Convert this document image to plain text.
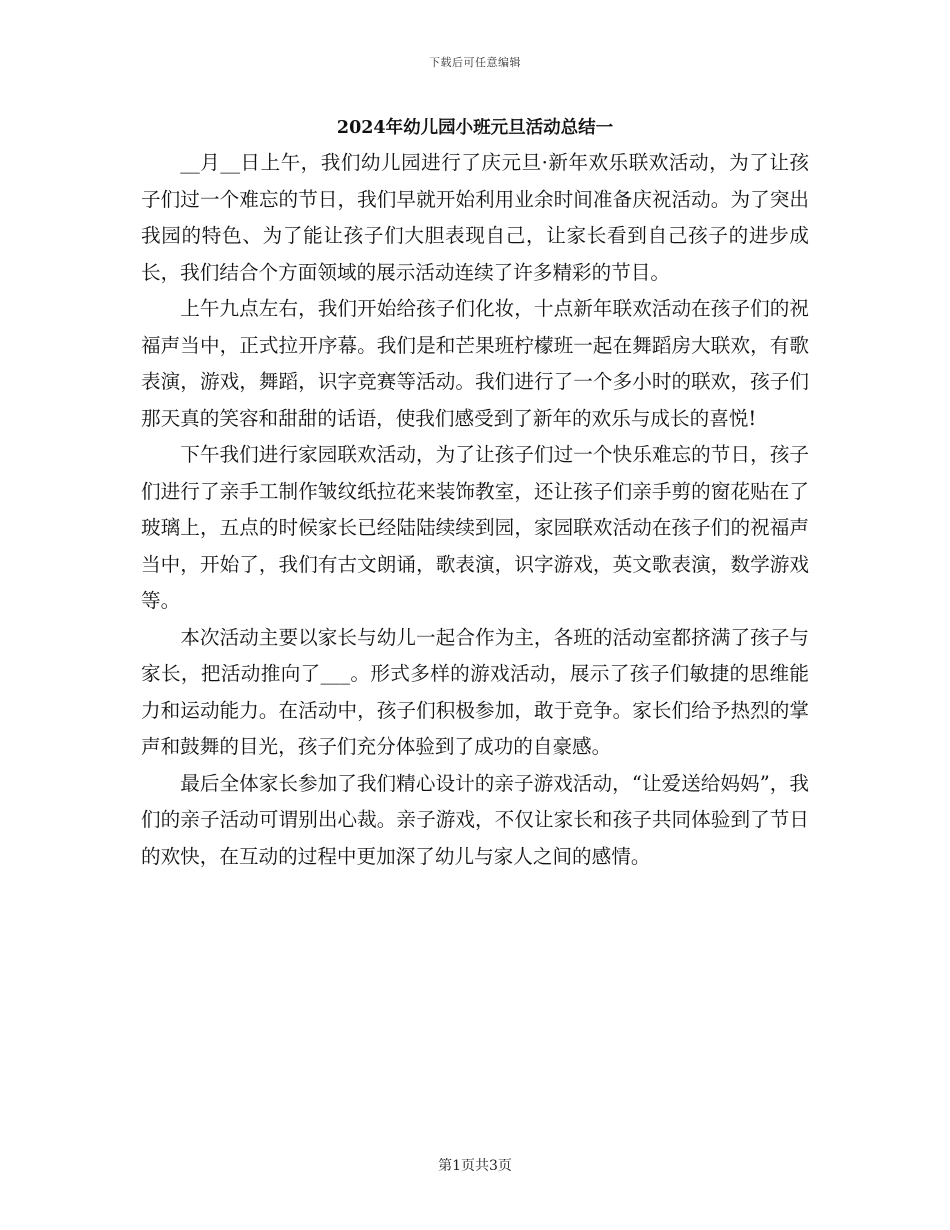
下载后可任意编辑
2024年幼儿园小班元旦活动总结一

__月__日上午，我们幼儿园进行了庆元旦·新年欢乐联欢活动，为了让孩子们过一个难忘的节日，我们早就开始利用业余时间准备庆祝活动。为了突出我园的特色、为了能让孩子们大胆表现自己，让家长看到自己孩子的进步成长，我们结合个方面领域的展示活动连续了许多精彩的节目。

上午九点左右，我们开始给孩子们化妆，十点新年联欢活动在孩子们的祝福声当中，正式拉开序幕。我们是和芒果班柠檬班一起在舞蹈房大联欢，有歌表演，游戏，舞蹈，识字竞赛等活动。我们进行了一个多小时的联欢，孩子们那天真的笑容和甜甜的话语，使我们感受到了新年的欢乐与成长的喜悦!

下午我们进行家园联欢活动，为了让孩子们过一个快乐难忘的节日，孩子们进行了亲手工制作皱纹纸拉花来装饰教室，还让孩子们亲手剪的窗花贴在了玻璃上，五点的时候家长已经陆陆续续到园，家园联欢活动在孩子们的祝福声当中，开始了，我们有古文朗诵，歌表演，识字游戏，英文歌表演，数学游戏等。

本次活动主要以家长与幼儿一起合作为主，各班的活动室都挤满了孩子与家长，把活动推向了___。形式多样的游戏活动，展示了孩子们敏捷的思维能力和运动能力。在活动中，孩子们积极参加，敢于竞争。家长们给予热烈的掌声和鼓舞的目光，孩子们充分体验到了成功的自豪感。

最后全体家长参加了我们精心设计的亲子游戏活动，“让爱送给妈妈”，我们的亲子活动可谓别出心裁。亲子游戏，不仅让家长和孩子共同体验到了节日的欢快，在互动的过程中更加深了幼儿与家人之间的感情。

第1页共3页
